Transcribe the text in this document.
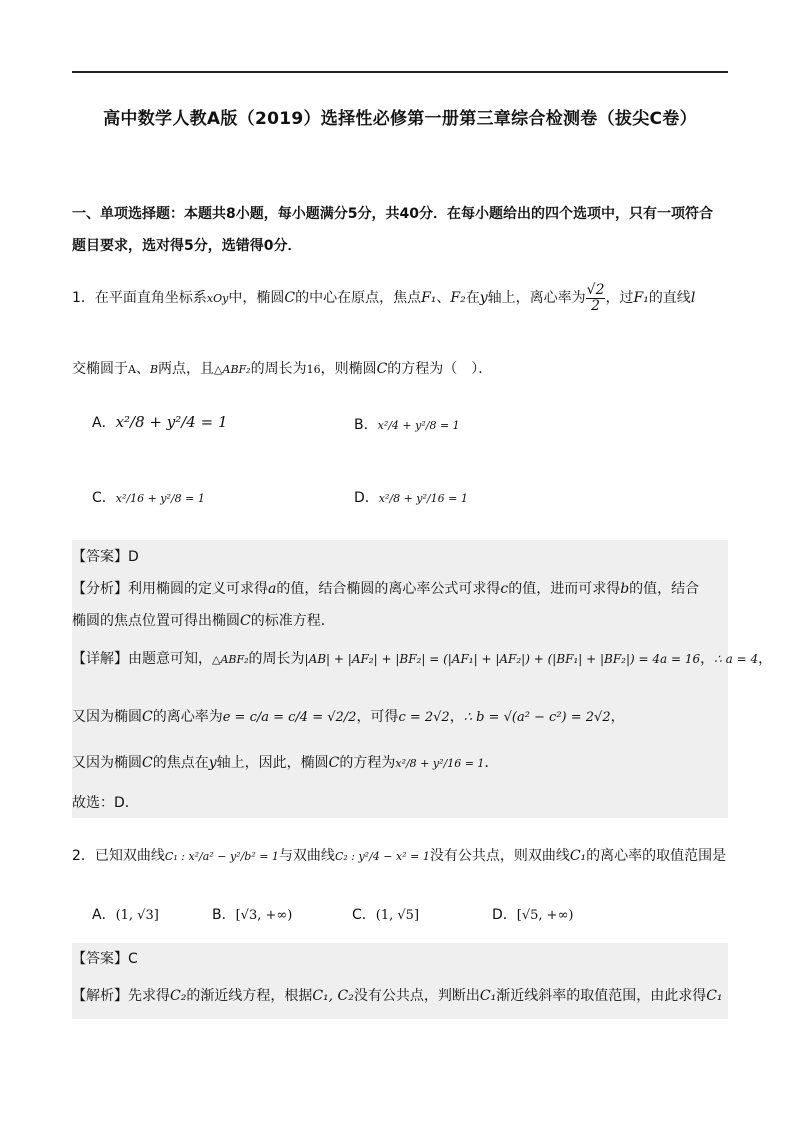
高中数学人教A版（2019）选择性必修第一册第三章综合检测卷（拔尖C卷）
一、单项选择题：本题共8小题，每小题满分5分，共40分．在每小题给出的四个选项中，只有一项符合
题目要求，选对得5分，选错得0分．
1．在平面直角坐标系xOy中，椭圆C的中心在原点，焦点F₁、F₂在y轴上，离心率为 $\frac{√2}{2}$ ，过F₁的直线l
交椭圆于A、B两点，且△ABF₂的周长为16，则椭圆C的方程为（　）．
A．x²/8 + y²/4 = 1	B．x²/4 + y²/8 = 1
C．x²/16 + y²/8 = 1	D．x²/8 + y²/16 = 1
【答案】D
【分析】利用椭圆的定义可求得a的值，结合椭圆的离心率公式可求得c的值，进而可求得b的值，结合
椭圆的焦点位置可得出椭圆C的标准方程．
【详解】由题意可知，△ABF₂的周长为|AB| + |AF₂| + |BF₂| = (|AF₁| + |AF₂|) + (|BF₁| + |BF₂|) = 4a = 16，∴ a = 4，
又因为椭圆C的离心率为e = c/a = c/4 = √2/2，可得c = 2√2，∴ b = √(a² − c²) = 2√2，
又因为椭圆C的焦点在y轴上，因此，椭圆C的方程为x²/8 + y²/16 = 1．
故选：D．
2．已知双曲线C₁ : x²/a² − y²/b² = 1与双曲线C₂ : y²/4 − x² = 1没有公共点，则双曲线C₁的离心率的取值范围是
A．(1, √3]	B．[√3, +∞)	C．(1, √5]	D．[√5, +∞)
【答案】C
【解析】先求得C₂的渐近线方程，根据C₁, C₂没有公共点，判断出C₁渐近线斜率的取值范围，由此求得C₁
